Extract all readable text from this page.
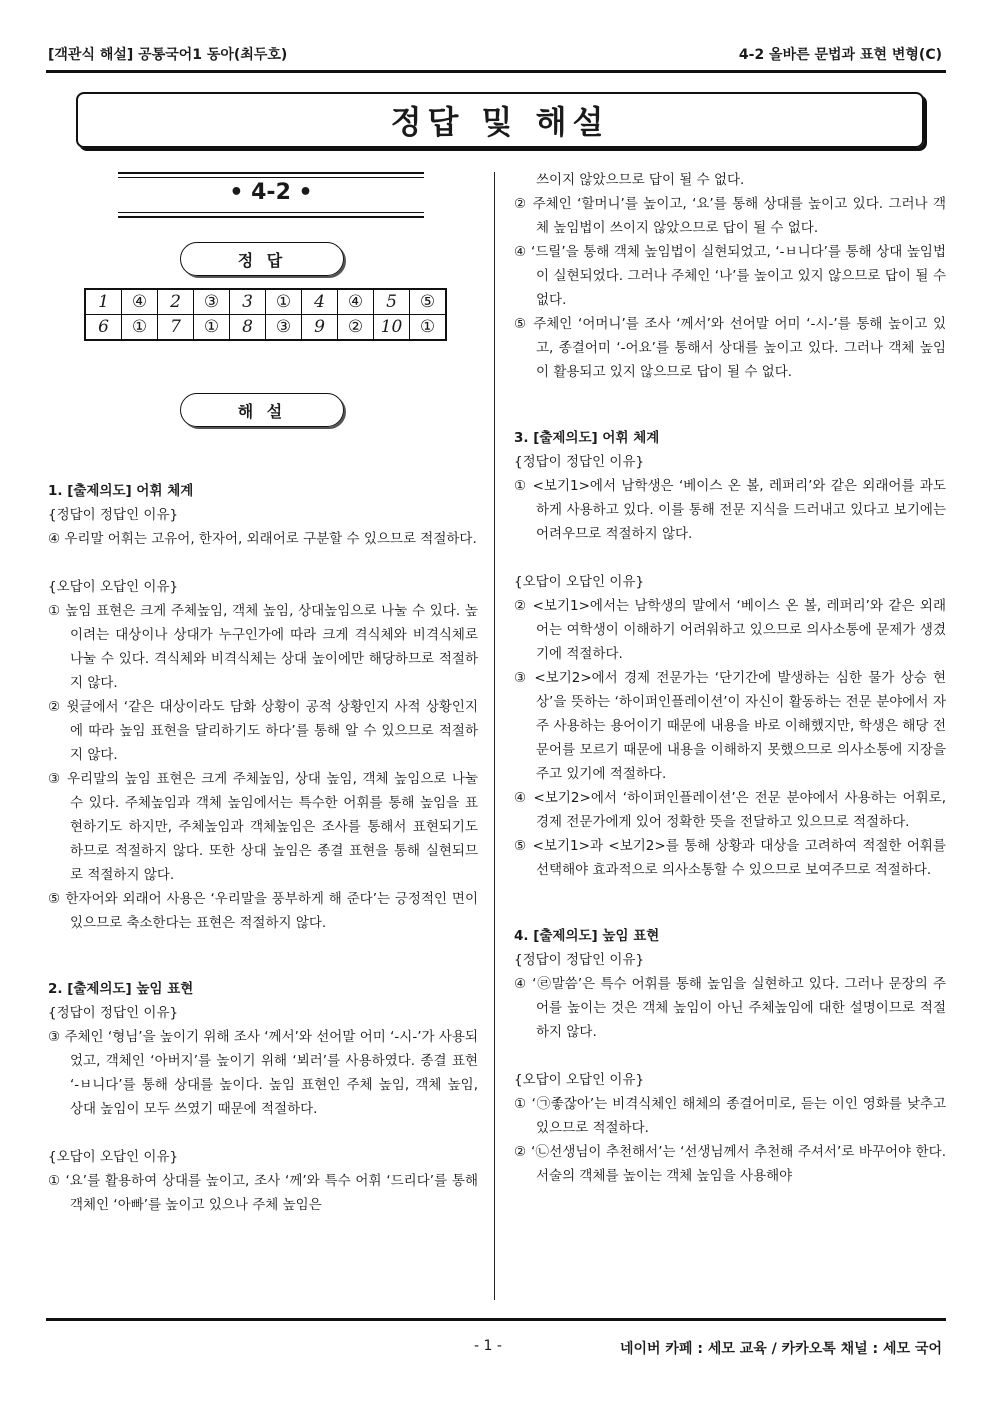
[객관식 해설] 공통국어1 동아(최두호)	4-2 올바른 문법과 표현 변형(C)
정답 및 해설
• 4-2 •
정 답
1	④	2	③	3	①	4	④	5	⑤
6	①	7	①	8	③	9	②	10	①
해 설

1. [출제의도] 어휘 체계

{정답이 정답인 이유}

④ 우리말 어휘는 고유어, 한자어, 외래어로 구분할 수 있으므로 적절하다.

{오답이 오답인 이유}

① 높임 표현은 크게 주체높임, 객체 높임, 상대높임으로 나눌 수 있다. 높이려는 대상이나 상대가 누구인가에 따라 크게 격식체와 비격식체로 나눌 수 있다. 격식체와 비격식체는 상대 높이에만 해당하므로 적절하지 않다.

② 윗글에서 ‘같은 대상이라도 담화 상황이 공적 상황인지 사적 상황인지에 따라 높임 표현을 달리하기도 하다’를 통해 알 수 있으므로 적절하지 않다.

③ 우리말의 높임 표현은 크게 주체높임, 상대 높임, 객체 높임으로 나눌 수 있다. 주체높임과 객체 높임에서는 특수한 어휘를 통해 높임을 표현하기도 하지만, 주체높임과 객체높임은 조사를 통해서 표현되기도 하므로 적절하지 않다. 또한 상대 높임은 종결 표현을 통해 실현되므로 적절하지 않다.

⑤ 한자어와 외래어 사용은 ‘우리말을 풍부하게 해 준다’는 긍정적인 면이 있으므로 축소한다는 표현은 적절하지 않다.

2. [출제의도] 높임 표현

{정답이 정답인 이유}

③ 주체인 ‘형님’을 높이기 위해 조사 ‘께서’와 선어말 어미 ‘-시-’가 사용되었고, 객체인 ‘아버지’를 높이기 위해 ‘뵈러’를 사용하였다. 종결 표현 ‘-ㅂ니다’를 통해 상대를 높이다. 높임 표현인 주체 높임, 객체 높임, 상대 높임이 모두 쓰였기 때문에 적절하다.

{오답이 오답인 이유}

① ‘요’를 활용하여 상대를 높이고, 조사 ‘께’와 특수 어휘 ‘드리다’를 통해 객체인 ‘아빠’를 높이고 있으나 주체 높임은

쓰이지 않았으므로 답이 될 수 없다.

② 주체인 ‘할머니’를 높이고, ‘요’를 통해 상대를 높이고 있다. 그러나 객체 높임법이 쓰이지 않았으므로 답이 될 수 없다.

④ ‘드릴’을 통해 객체 높임법이 실현되었고, ‘-ㅂ니다’를 통해 상대 높임법이 실현되었다. 그러나 주체인 ‘나’를 높이고 있지 않으므로 답이 될 수 없다.

⑤ 주체인 ‘어머니’를 조사 ‘께서’와 선어말 어미 ‘-시-’를 통해 높이고 있고, 종결어미 ‘-어요’를 통해서 상대를 높이고 있다. 그러나 객체 높임이 활용되고 있지 않으므로 답이 될 수 없다.

3. [출제의도] 어휘 체계

{정답이 정답인 이유}

① <보기1>에서 남학생은 ‘베이스 온 볼, 레퍼리’와 같은 외래어를 과도하게 사용하고 있다. 이를 통해 전문 지식을 드러내고 있다고 보기에는 어려우므로 적절하지 않다.

{오답이 오답인 이유}

② <보기1>에서는 남학생의 말에서 ‘베이스 온 볼, 레퍼리’와 같은 외래어는 여학생이 이해하기 어려워하고 있으므로 의사소통에 문제가 생겼기에 적절하다.

③ <보기2>에서 경제 전문가는 ‘단기간에 발생하는 심한 물가 상승 현상’을 뜻하는 ‘하이퍼인플레이션’이 자신이 활동하는 전문 분야에서 자주 사용하는 용어이기 때문에 내용을 바로 이해했지만, 학생은 해당 전문어를 모르기 때문에 내용을 이해하지 못했으므로 의사소통에 지장을 주고 있기에 적절하다.

④ <보기2>에서 ‘하이퍼인플레이션’은 전문 분야에서 사용하는 어휘로, 경제 전문가에게 있어 정확한 뜻을 전달하고 있으므로 적절하다.

⑤ <보기1>과 <보기2>를 통해 상황과 대상을 고려하여 적절한 어휘를 선택해야 효과적으로 의사소통할 수 있으므로 보여주므로 적절하다.

4. [출제의도] 높임 표현

{정답이 정답인 이유}

④ ‘㉣말씀’은 특수 어휘를 통해 높임을 실현하고 있다. 그러나 문장의 주어를 높이는 것은 객체 높임이 아닌 주체높임에 대한 설명이므로 적절하지 않다.

{오답이 오답인 이유}

① ‘㉠좋잖아’는 비격식체인 해체의 종결어미로, 듣는 이인 영화를 낮추고 있으므로 적절하다.

② ‘㉡선생님이 추천해서’는 ‘선생님께서 추천해 주셔서’로 바꾸어야 한다. 서술의 객체를 높이는 객체 높임을 사용해야

- 1 -	네이버 카페 : 세모 교육 / 카카오톡 채널 : 세모 국어
